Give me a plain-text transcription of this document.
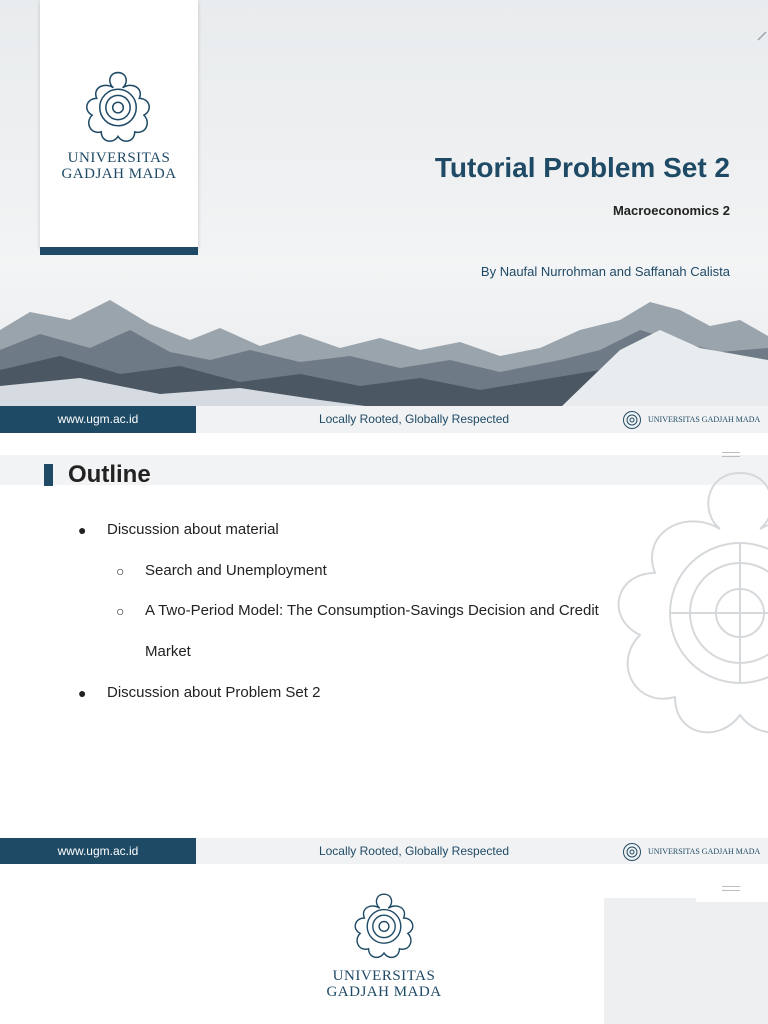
UNIVERSITAS
GADJAH MADA	Tutorial Problem Set 2
Macroeconomics 2
By Naufal Nurrohman and Saffanah Calista
www.ugm.ac.id	Locally Rooted, Globally Respected	UNIVERSITAS GADJAH MADA
Outline
● Discussion about material
○ Search and Unemployment
○ A Two-Period Model: The Consumption-Savings Decision and Credit
Market
● Discussion about Problem Set 2
www.ugm.ac.id	Locally Rooted, Globally Respected	UNIVERSITAS GADJAH MADA
UNIVERSITAS
GADJAH MADA
